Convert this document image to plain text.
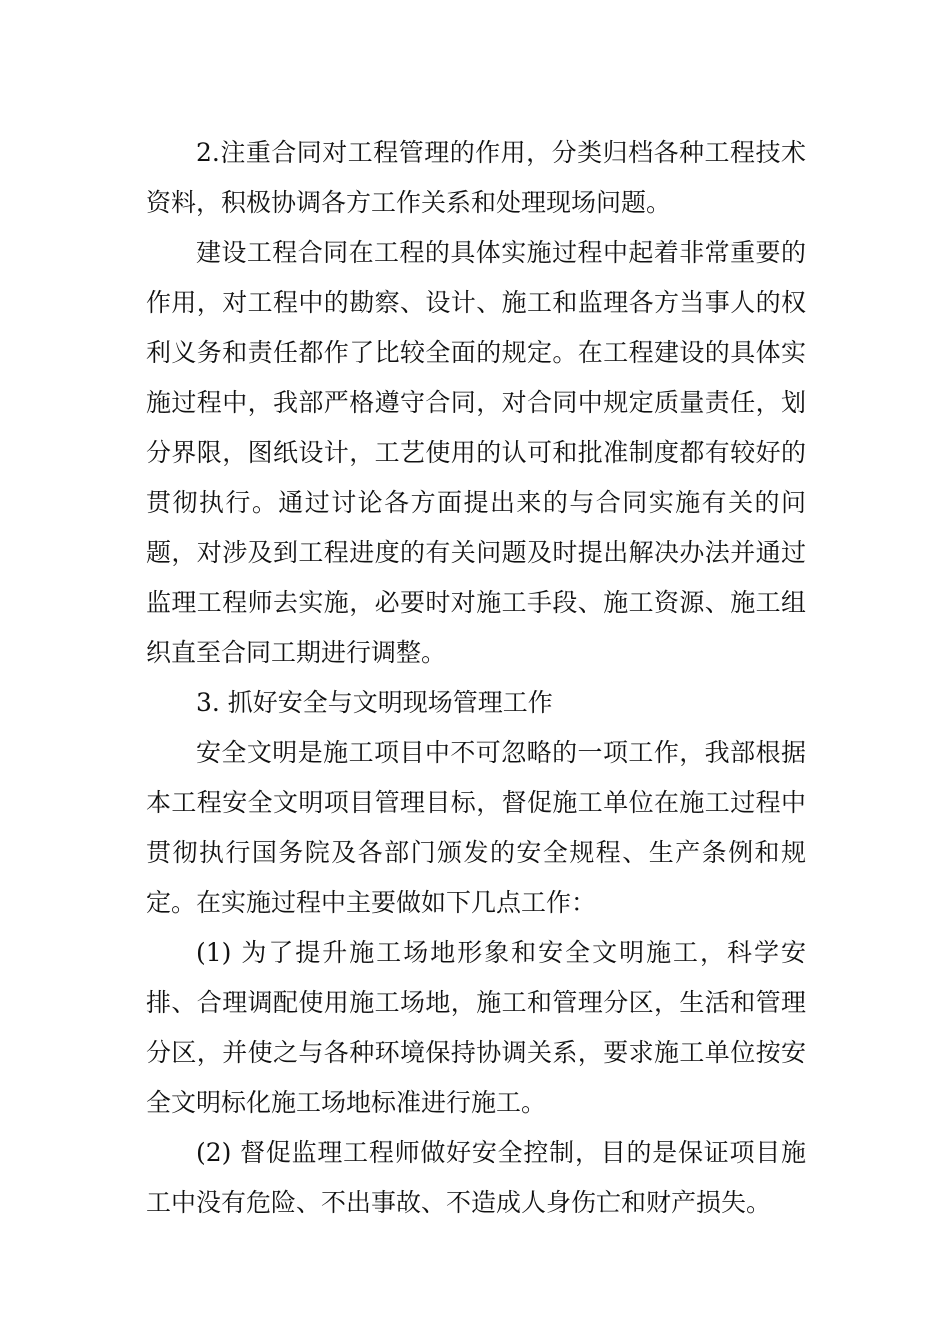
2.注重合同对工程管理的作用，分类归档各种工程技术资料，积极协调各方工作关系和处理现场问题。

建设工程合同在工程的具体实施过程中起着非常重要的作用，对工程中的勘察、设计、施工和监理各方当事人的权利义务和责任都作了比较全面的规定。在工程建设的具体实施过程中，我部严格遵守合同，对合同中规定质量责任，划分界限，图纸设计，工艺使用的认可和批准制度都有较好的贯彻执行。通过讨论各方面提出来的与合同实施有关的问题，对涉及到工程进度的有关问题及时提出解决办法并通过监理工程师去实施，必要时对施工手段、施工资源、施工组织直至合同工期进行调整。

3. 抓好安全与文明现场管理工作

安全文明是施工项目中不可忽略的一项工作，我部根据本工程安全文明项目管理目标，督促施工单位在施工过程中贯彻执行国务院及各部门颁发的安全规程、生产条例和规定。在实施过程中主要做如下几点工作：

(1) 为了提升施工场地形象和安全文明施工，科学安排、合理调配使用施工场地，施工和管理分区，生活和管理分区，并使之与各种环境保持协调关系，要求施工单位按安全文明标化施工场地标准进行施工。

(2) 督促监理工程师做好安全控制，目的是保证项目施工中没有危险、不出事故、不造成人身伤亡和财产损失。
